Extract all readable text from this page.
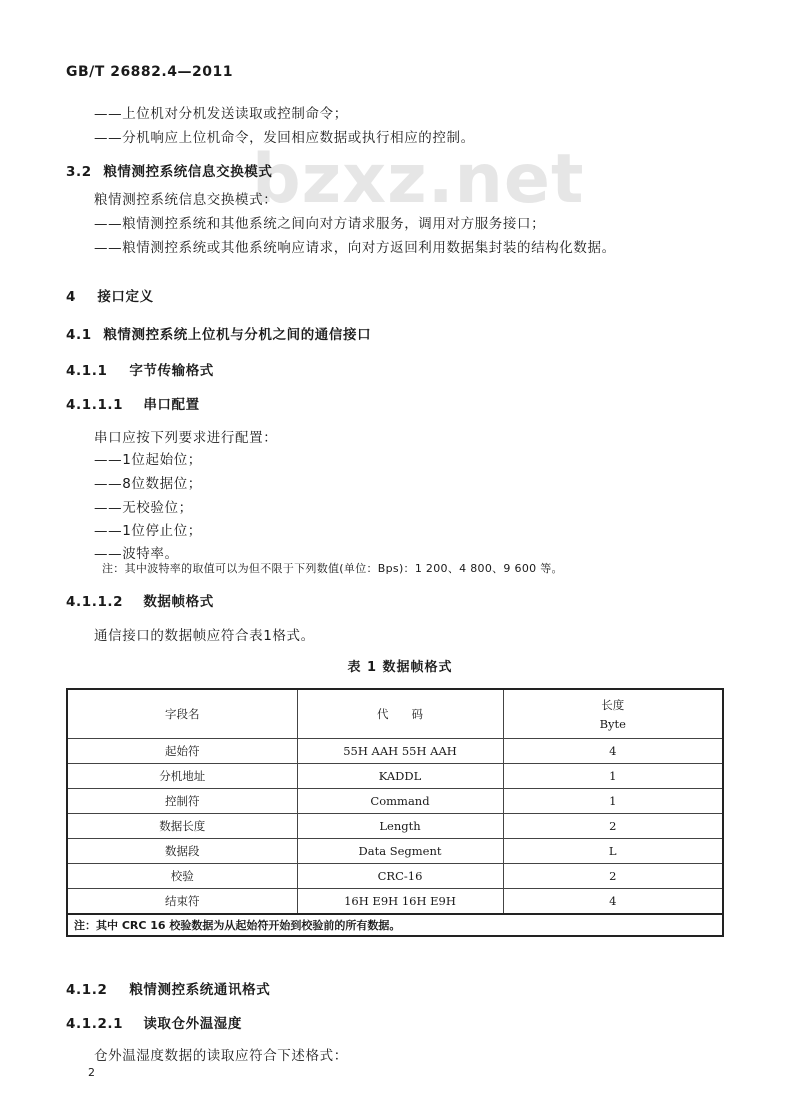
bzxz.net
GB/T 26882.4—2011
——上位机对分机发送读取或控制命令；
——分机响应上位机命令，发回相应数据或执行相应的控制。
3.2 粮情测控系统信息交换模式
粮情测控系统信息交换模式：
——粮情测控系统和其他系统之间向对方请求服务，调用对方服务接口；
——粮情测控系统或其他系统响应请求，向对方返回利用数据集封装的结构化数据。
4 接口定义
4.1 粮情测控系统上位机与分机之间的通信接口
4.1.1 字节传输格式
4.1.1.1 串口配置
串口应按下列要求进行配置：
——1位起始位；
——8位数据位；
——无校验位；
——1位停止位；
——波特率。
注：其中波特率的取值可以为但不限于下列数值(单位：Bps)：1 200、4 800、9 600 等。
4.1.1.2 数据帧格式
通信接口的数据帧应符合表1格式。
表 1 数据帧格式
字段名	代　　码	长度
Byte

起始符	55H AAH 55H AAH	4
分机地址	KADDL	1
控制符	Command	1
数据长度	Length	2
数据段	Data Segment	L
校验	CRC-16	2
结束符	16H E9H 16H E9H	4
注：其中 CRC 16 校验数据为从起始符开始到校验前的所有数据。		
4.1.2 粮情测控系统通讯格式
4.1.2.1 读取仓外温湿度
仓外温湿度数据的读取应符合下述格式：
2
